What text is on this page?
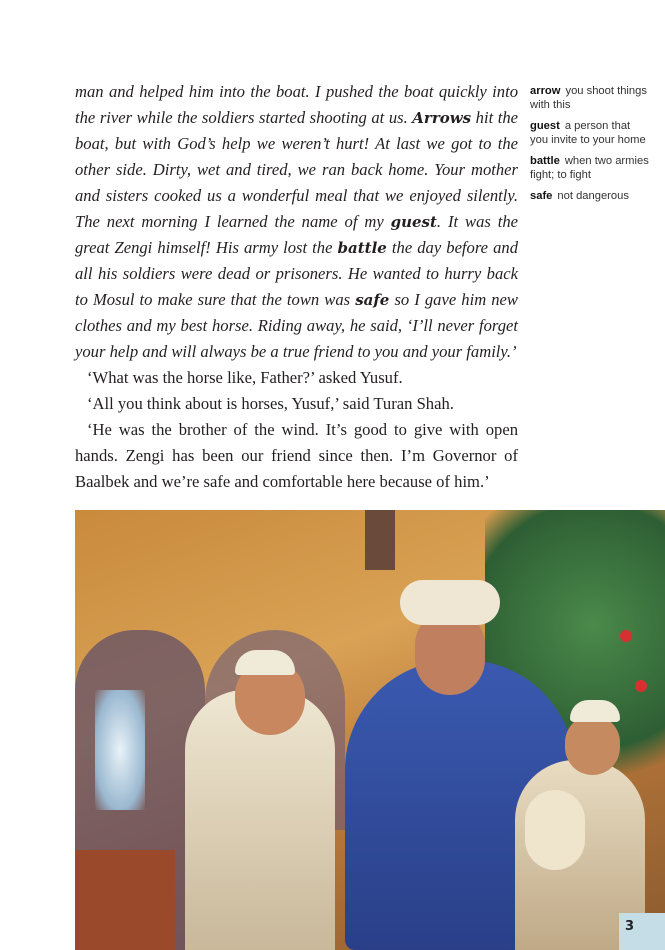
man and helped him into the boat. I pushed the boat quickly into the river while the soldiers started shooting at us. Arrows hit the boat, but with God’s help we weren’t hurt! At last we got to the other side. Dirty, wet and tired, we ran back home. Your mother and sisters cooked us a wonderful meal that we enjoyed silently. The next morning I learned the name of my guest. It was the great Zengi himself! His army lost the battle the day before and all his soldiers were dead or prisoners. He wanted to hurry back to Mosul to make sure that the town was safe so I gave him new clothes and my best horse. Riding away, he said, ‘I’ll never forget your help and will always be a true friend to you and your family.’

‘What was the horse like, Father?’ asked Yusuf.

‘All you think about is horses, Yusuf,’ said Turan Shah.

‘He was the brother of the wind. It’s good to give with open hands. Zengi has been our friend since then. I’m Governor of Baalbek and we’re safe and comfortable here because of him.’

arrow you shoot things with this
guest a person that you invite to your home
battle when two armies fight; to fight
safe not dangerous
3
